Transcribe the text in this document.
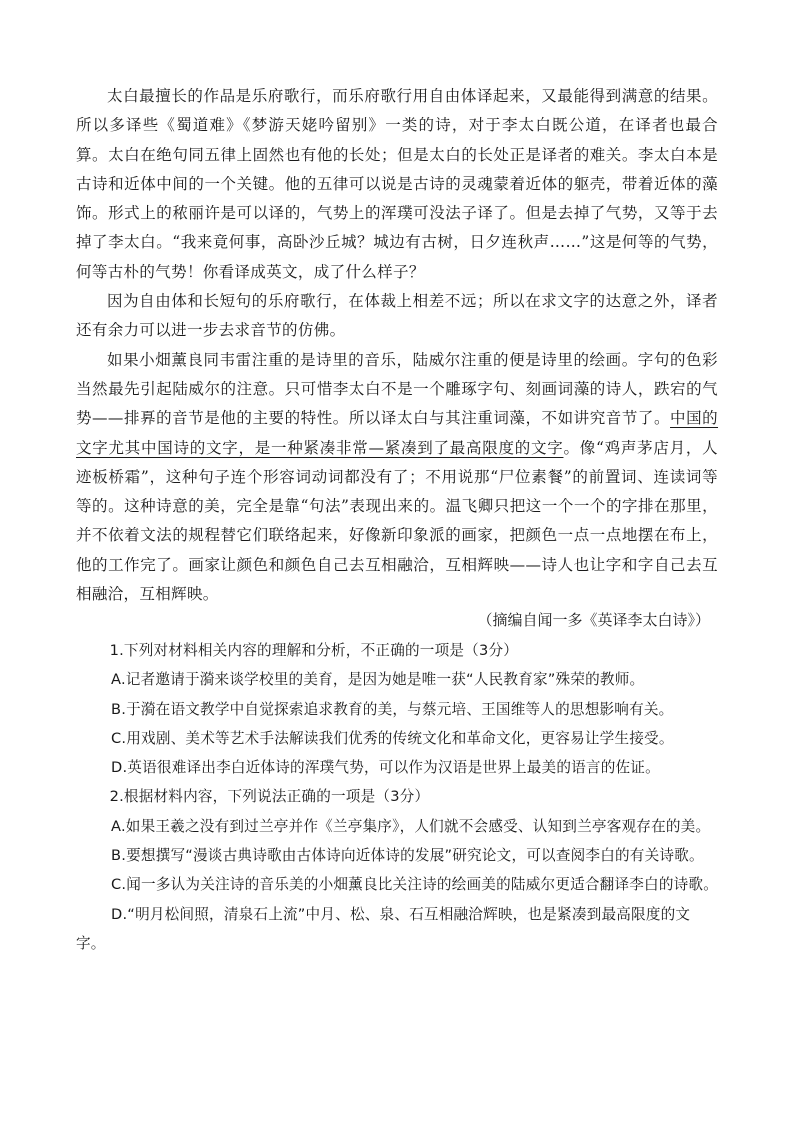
太白最擅长的作品是乐府歌行，而乐府歌行用自由体译起来，又最能得到满意的结果。所以多译些《蜀道难》《梦游天姥吟留别》一类的诗，对于李太白既公道，在译者也最合算。太白在绝句同五律上固然也有他的长处；但是太白的长处正是译者的难关。李太白本是古诗和近体中间的一个关键。他的五律可以说是古诗的灵魂蒙着近体的躯壳，带着近体的藻饰。形式上的秾丽许是可以译的，气势上的浑璞可没法子译了。但是去掉了气势，又等于去掉了李太白。“我来竟何事，高卧沙丘城？城边有古树，日夕连秋声……”这是何等的气势，何等古朴的气势！你看译成英文，成了什么样子？

因为自由体和长短句的乐府歌行，在体裁上相差不远；所以在求文字的达意之外，译者还有余力可以进一步去求音节的仿佛。

如果小畑薰良同韦雷注重的是诗里的音乐，陆威尔注重的便是诗里的绘画。字句的色彩当然最先引起陆威尔的注意。只可惜李太白不是一个雕琢字句、刻画词藻的诗人，跌宕的气势——排奡的音节是他的主要的特性。所以译太白与其注重词藻，不如讲究音节了。中国的文字尤其中国诗的文字，是一种紧凑非常—紧凑到了最高限度的文字。像“鸡声茅店月，人迹板桥霜”，这种句子连个形容词动词都没有了；不用说那“尸位素餐”的前置词、连读词等等的。这种诗意的美，完全是靠“句法”表现出来的。温飞卿只把这一个一个的字排在那里，并不依着文法的规程替它们联络起来，好像新印象派的画家，把颜色一点一点地摆在布上，他的工作完了。画家让颜色和颜色自己去互相融洽，互相辉映——诗人也让字和字自己去互相融洽，互相辉映。

（摘编自闻一多《英译李太白诗》）

1.下列对材料相关内容的理解和分析，不正确的一项是（3分）

A.记者邀请于漪来谈学校里的美育，是因为她是唯一获“人民教育家”殊荣的教师。

B.于漪在语文教学中自觉探索追求教育的美，与蔡元培、王国维等人的思想影响有关。

C.用戏剧、美术等艺术手法解读我们优秀的传统文化和革命文化，更容易让学生接受。

D.英语很难译出李白近体诗的浑璞气势，可以作为汉语是世界上最美的语言的佐证。

2.根据材料内容，下列说法正确的一项是（3分）

A.如果王羲之没有到过兰亭并作《兰亭集序》，人们就不会感受、认知到兰亭客观存在的美。

B.要想撰写“漫谈古典诗歌由古体诗向近体诗的发展”研究论文，可以查阅李白的有关诗歌。

C.闻一多认为关注诗的音乐美的小畑薰良比关注诗的绘画美的陆威尔更适合翻译李白的诗歌。

D.“明月松间照，清泉石上流”中月、松、泉、石互相融洽辉映，也是紧凑到最高限度的文字。
